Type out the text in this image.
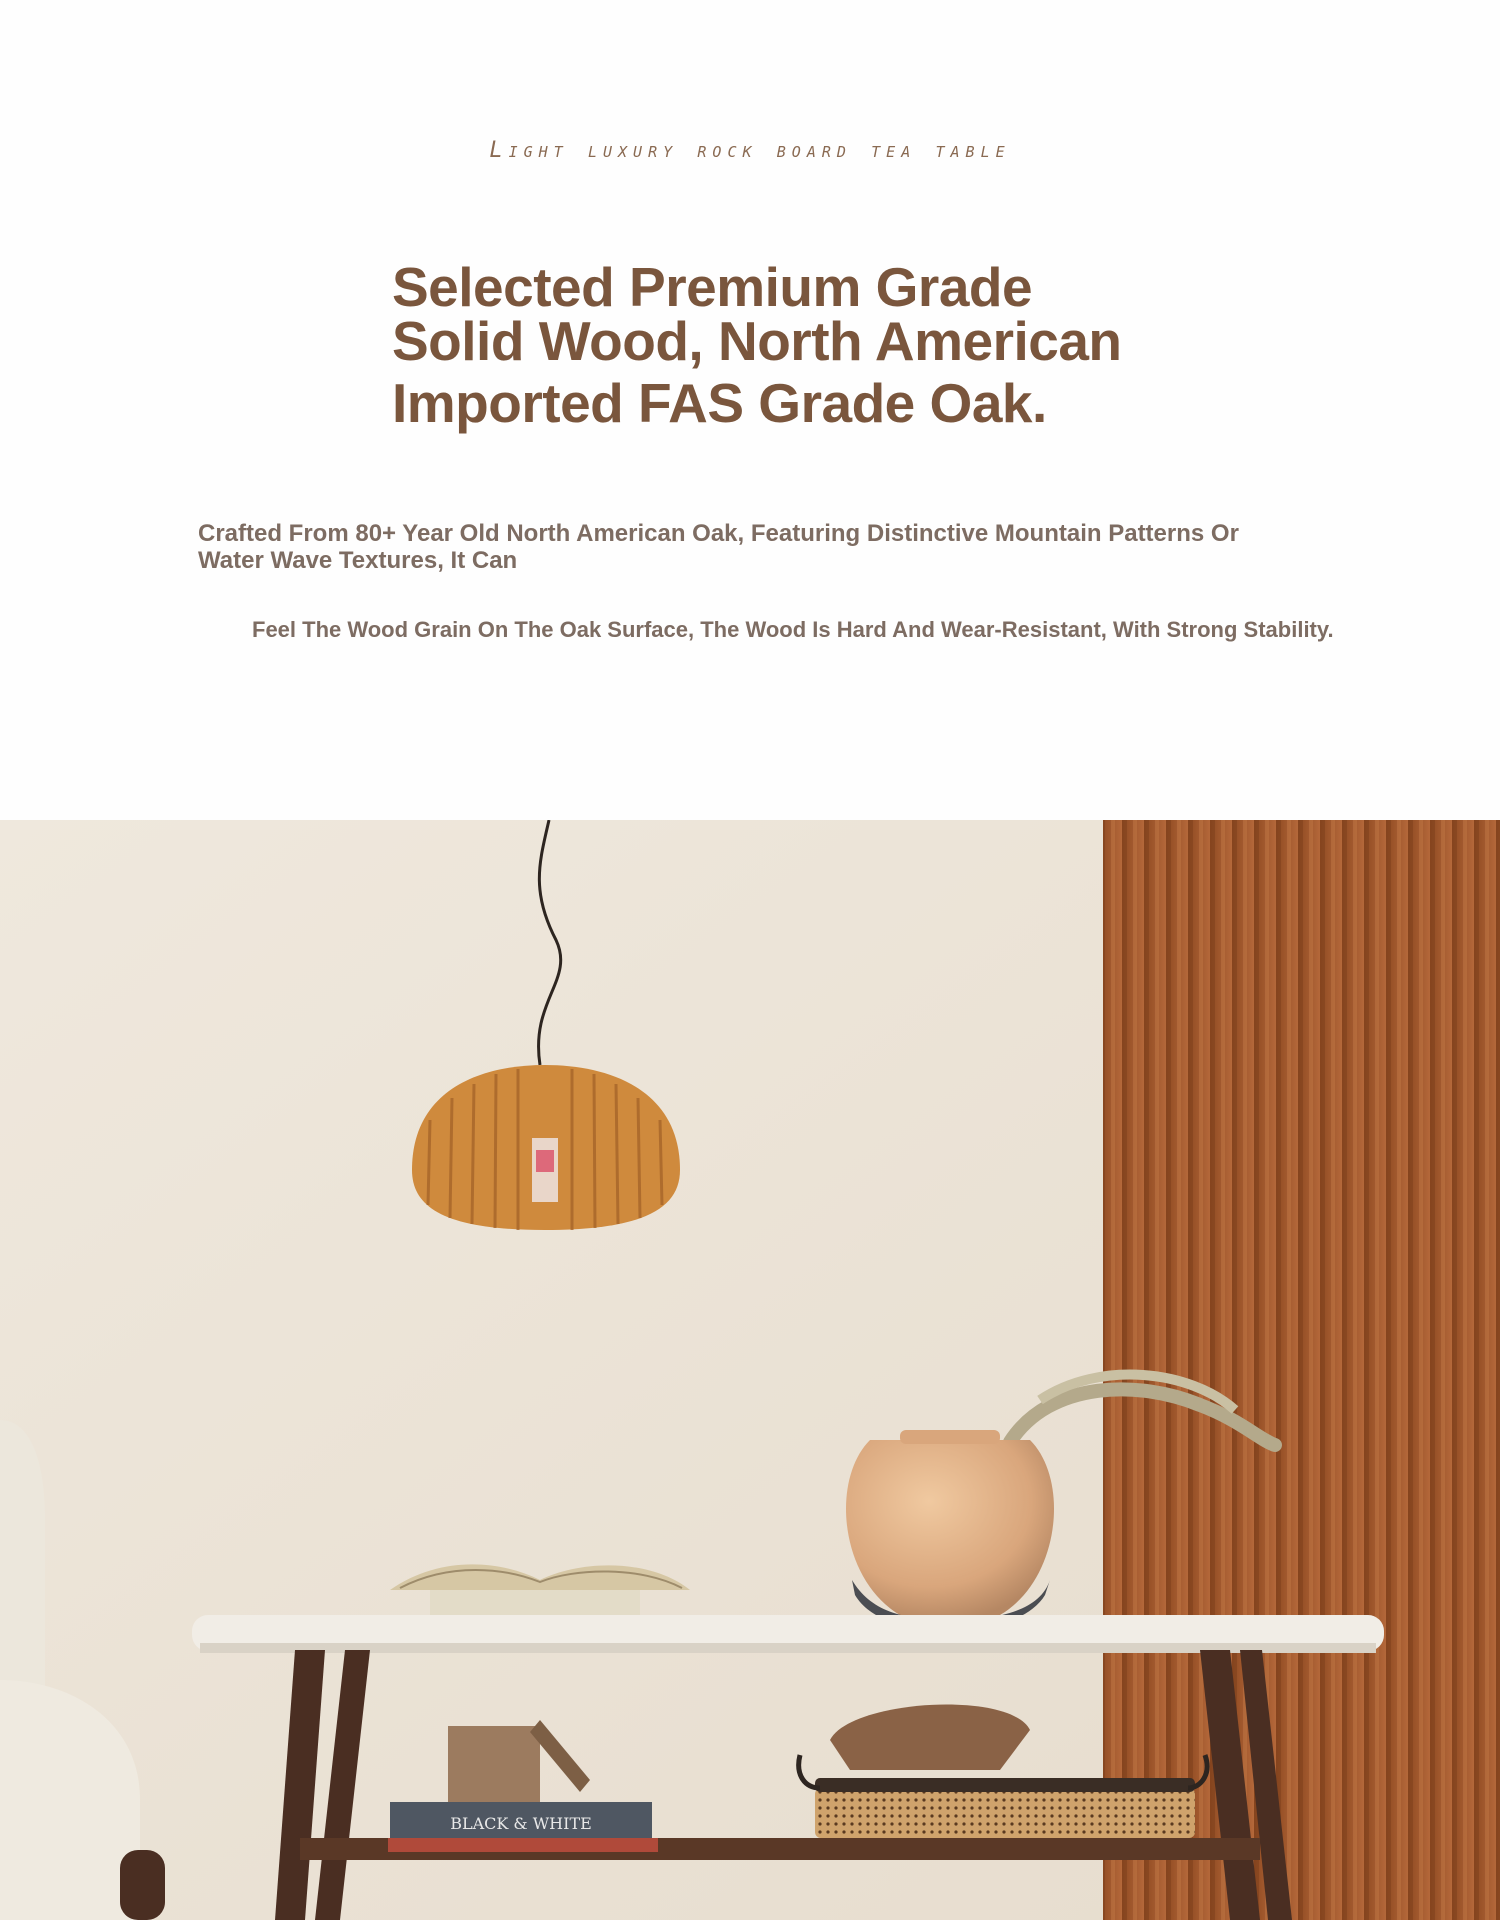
Light luxury rock board tea table
Selected Premium Grade
Solid Wood, North American
Imported FAS Grade Oak.
Crafted From 80+ Year Old North American Oak, Featuring Distinctive Mountain Patterns Or Water Wave Textures, It Can
Feel The Wood Grain On The Oak Surface, The Wood Is Hard And Wear-Resistant, With Strong Stability.
BLACK & WHITE
